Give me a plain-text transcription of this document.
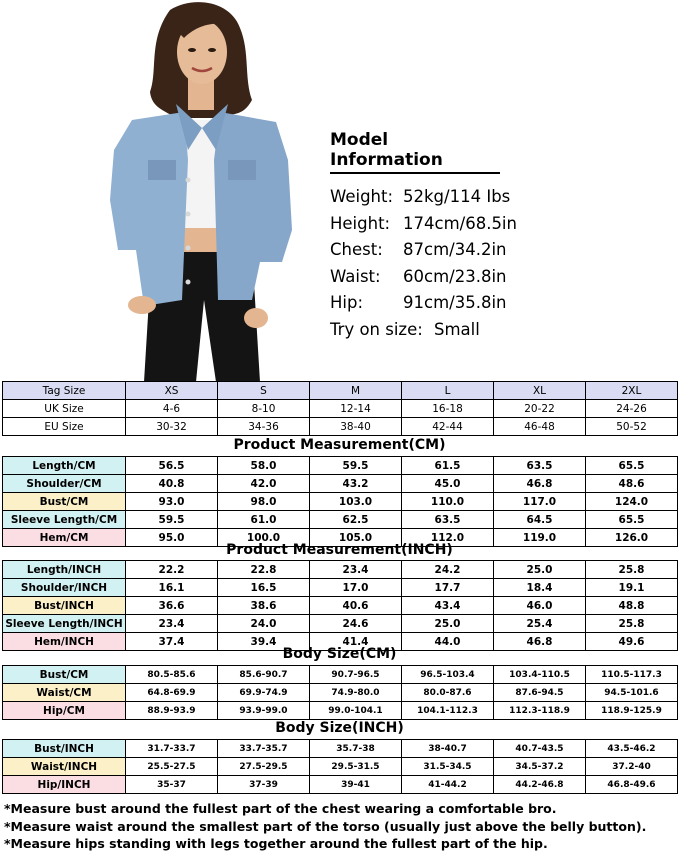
Model Information
Weight: 52kg/114 Ibs
Height: 174cm/68.5in
Chest: 87cm/34.2in
Waist: 60cm/23.8in
Hip: 91cm/35.8in
Try on size: Small
Tag Size	XS	S	M	L	XL	2XL
UK Size	4-6	8-10	12-14	16-18	20-22	24-26
EU Size	30-32	34-36	38-40	42-44	46-48	50-52
Product Measurement(CM)
Length/CM	56.5	58.0	59.5	61.5	63.5	65.5
Shoulder/CM	40.8	42.0	43.2	45.0	46.8	48.6
Bust/CM	93.0	98.0	103.0	110.0	117.0	124.0
Sleeve Length/CM	59.5	61.0	62.5	63.5	64.5	65.5
Hem/CM	95.0	100.0	105.0	112.0	119.0	126.0
Product Measurement(INCH)
Length/INCH	22.2	22.8	23.4	24.2	25.0	25.8
Shoulder/INCH	16.1	16.5	17.0	17.7	18.4	19.1
Bust/INCH	36.6	38.6	40.6	43.4	46.0	48.8
Sleeve Length/INCH	23.4	24.0	24.6	25.0	25.4	25.8
Hem/INCH	37.4	39.4	41.4	44.0	46.8	49.6
Body Size(CM)
Bust/CM	80.5-85.6	85.6-90.7	90.7-96.5	96.5-103.4	103.4-110.5	110.5-117.3
Waist/CM	64.8-69.9	69.9-74.9	74.9-80.0	80.0-87.6	87.6-94.5	94.5-101.6
Hip/CM	88.9-93.9	93.9-99.0	99.0-104.1	104.1-112.3	112.3-118.9	118.9-125.9
Body Size(INCH)
Bust/INCH	31.7-33.7	33.7-35.7	35.7-38	38-40.7	40.7-43.5	43.5-46.2
Waist/INCH	25.5-27.5	27.5-29.5	29.5-31.5	31.5-34.5	34.5-37.2	37.2-40
Hip/INCH	35-37	37-39	39-41	41-44.2	44.2-46.8	46.8-49.6
*Measure bust around the fullest part of the chest wearing a comfortable bro.
*Measure waist around the smallest part of the torso (usually just above the belly button).
*Measure hips standing with legs together around the fullest part of the hip.
